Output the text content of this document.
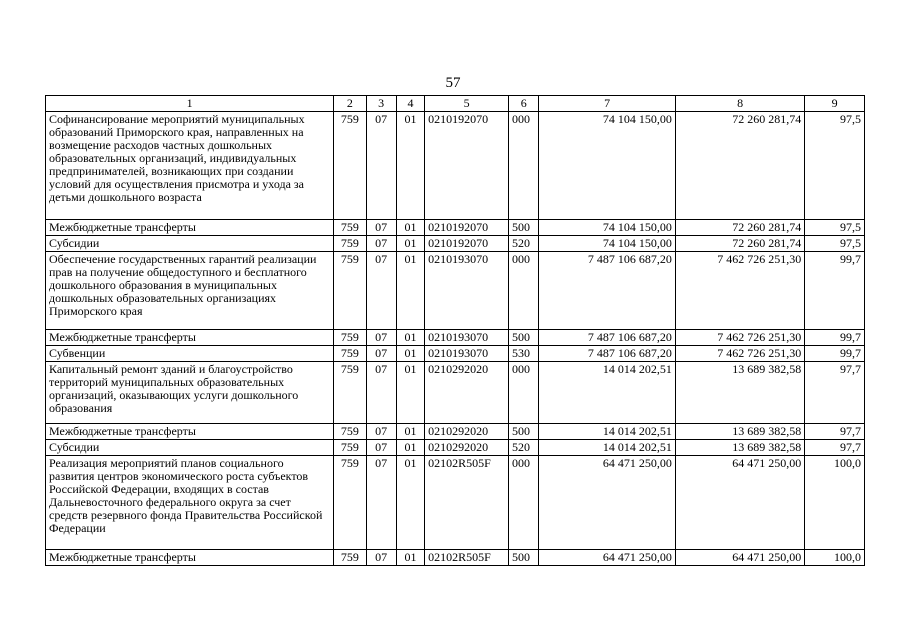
57
1	2	3	4	5	6	7	8	9
Софинансирование мероприятий муниципальных образований Приморского края, направленных на возмещение расходов частных дошкольных образовательных организаций, индивидуальных предпринимателей, возникающих при создании условий для осуществления присмотра и ухода за детьми дошкольного возраста	759	07	01	0210192070	000	74 104 150,00	72 260 281,74	97,5
Межбюджетные трансферты	759	07	01	0210192070	500	74 104 150,00	72 260 281,74	97,5
Субсидии	759	07	01	0210192070	520	74 104 150,00	72 260 281,74	97,5
Обеспечение государственных гарантий реализации прав на получение общедоступного и бесплатного дошкольного образования в муниципальных дошкольных образовательных организациях Приморского края	759	07	01	0210193070	000	7 487 106 687,20	7 462 726 251,30	99,7
Межбюджетные трансферты	759	07	01	0210193070	500	7 487 106 687,20	7 462 726 251,30	99,7
Субвенции	759	07	01	0210193070	530	7 487 106 687,20	7 462 726 251,30	99,7
Капитальный ремонт зданий и благоустройство территорий муниципальных образовательных организаций, оказывающих услуги дошкольного образования	759	07	01	0210292020	000	14 014 202,51	13 689 382,58	97,7
Межбюджетные трансферты	759	07	01	0210292020	500	14 014 202,51	13 689 382,58	97,7
Субсидии	759	07	01	0210292020	520	14 014 202,51	13 689 382,58	97,7
Реализация мероприятий планов социального развития центров экономического роста субъектов Российской Федерации, входящих в состав Дальневосточного федерального округа за счет средств резервного фонда Правительства Российской Федерации	759	07	01	02102R505F	000	64 471 250,00	64 471 250,00	100,0
Межбюджетные трансферты	759	07	01	02102R505F	500	64 471 250,00	64 471 250,00	100,0
